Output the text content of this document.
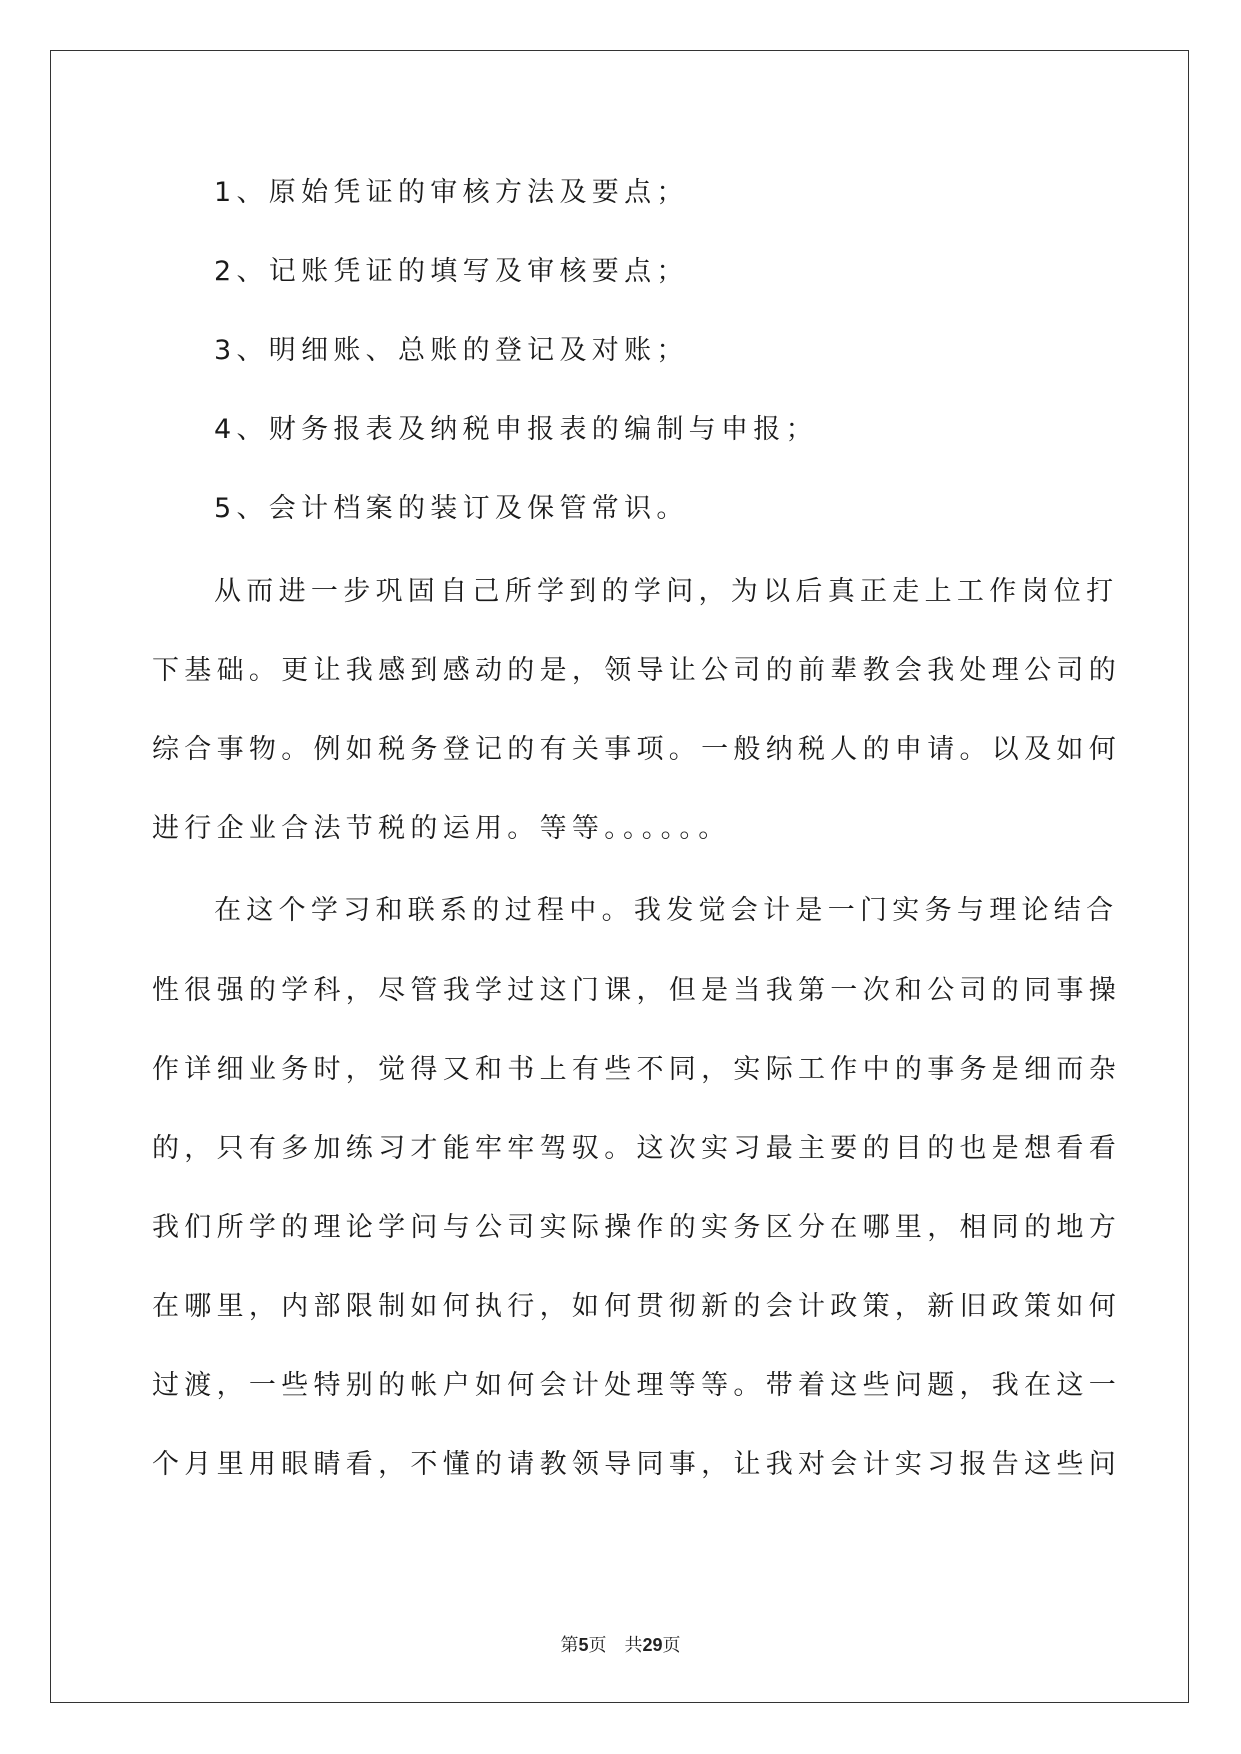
1、原始凭证的审核方法及要点；
2、记账凭证的填写及审核要点；
3、明细账、总账的登记及对账；
4、财务报表及纳税申报表的编制与申报；
5、会计档案的装订及保管常识。
从而进一步巩固自己所学到的学问，为以后真正走上工作岗位打
下基础。更让我感到感动的是，领导让公司的前辈教会我处理公司的
综合事物。例如税务登记的有关事项。一般纳税人的申请。以及如何
进行企业合法节税的运用。等等。。。。。。
在这个学习和联系的过程中。我发觉会计是一门实务与理论结合
性很强的学科，尽管我学过这门课，但是当我第一次和公司的同事操
作详细业务时，觉得又和书上有些不同，实际工作中的事务是细而杂
的，只有多加练习才能牢牢驾驭。这次实习最主要的目的也是想看看
我们所学的理论学问与公司实际操作的实务区分在哪里，相同的地方
在哪里，内部限制如何执行，如何贯彻新的会计政策，新旧政策如何
过渡，一些特别的帐户如何会计处理等等。带着这些问题，我在这一
个月里用眼睛看，不懂的请教领导同事，让我对会计实习报告这些问
第5页　共29页
